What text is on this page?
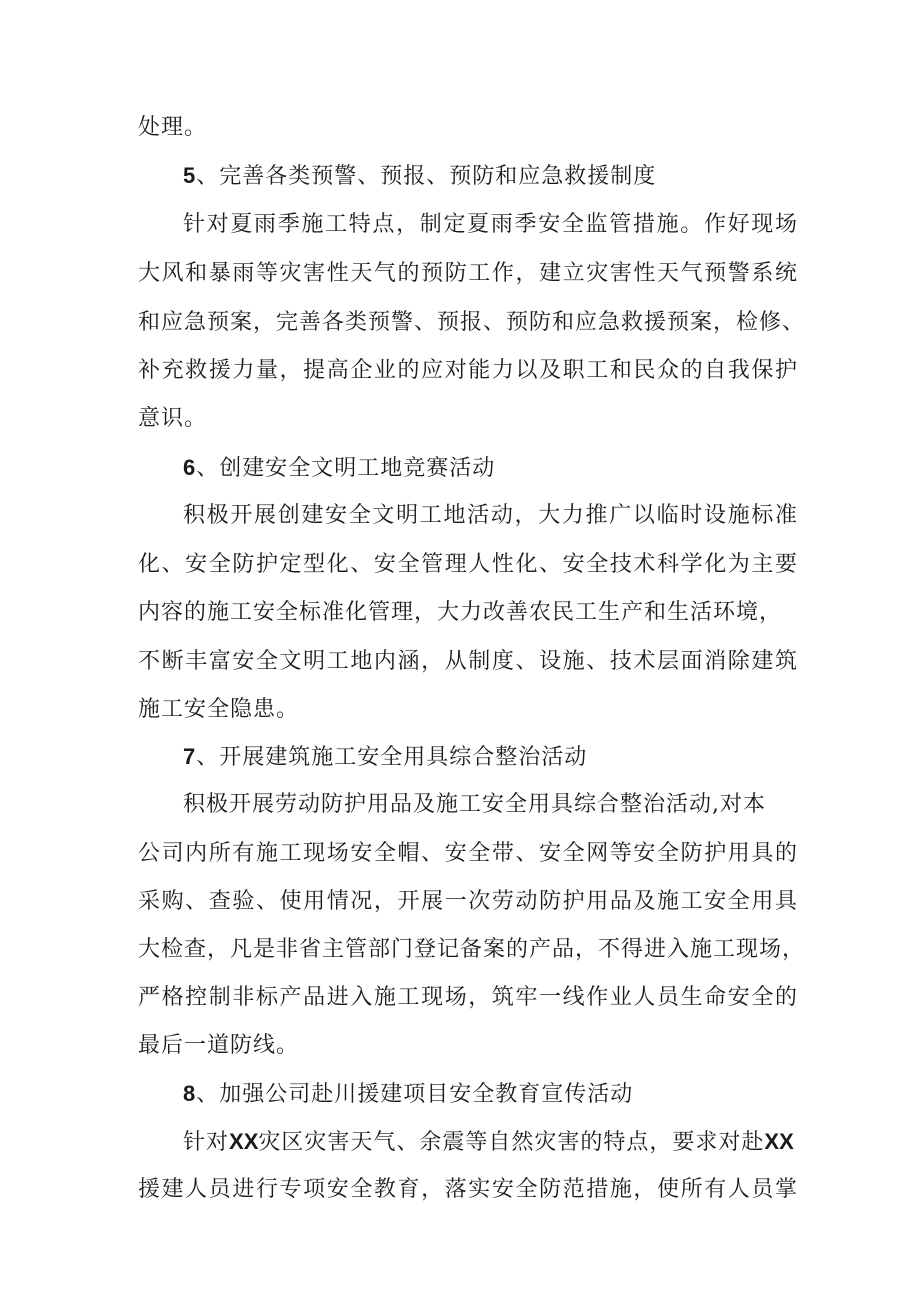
处理。
5、完善各类预警、预报、预防和应急救援制度
针对夏雨季施工特点，制定夏雨季安全监管措施。作好现场
大风和暴雨等灾害性天气的预防工作，建立灾害性天气预警系统
和应急预案，完善各类预警、预报、预防和应急救援预案，检修、
补充救援力量，提高企业的应对能力以及职工和民众的自我保护
意识。
6、创建安全文明工地竞赛活动
积极开展创建安全文明工地活动，大力推广以临时设施标准
化、安全防护定型化、安全管理人性化、安全技术科学化为主要
内容的施工安全标准化管理，大力改善农民工生产和生活环境，
不断丰富安全文明工地内涵，从制度、设施、技术层面消除建筑
施工安全隐患。
7、开展建筑施工安全用具综合整治活动
积极开展劳动防护用品及施工安全用具综合整治活动,对本
公司内所有施工现场安全帽、安全带、安全网等安全防护用具的
采购、查验、使用情况，开展一次劳动防护用品及施工安全用具
大检查，凡是非省主管部门登记备案的产品，不得进入施工现场，
严格控制非标产品进入施工现场，筑牢一线作业人员生命安全的
最后一道防线。
8、加强公司赴川援建项目安全教育宣传活动
针对XX灾区灾害天气、余震等自然灾害的特点，要求对赴XX
援建人员进行专项安全教育，落实安全防范措施，使所有人员掌
